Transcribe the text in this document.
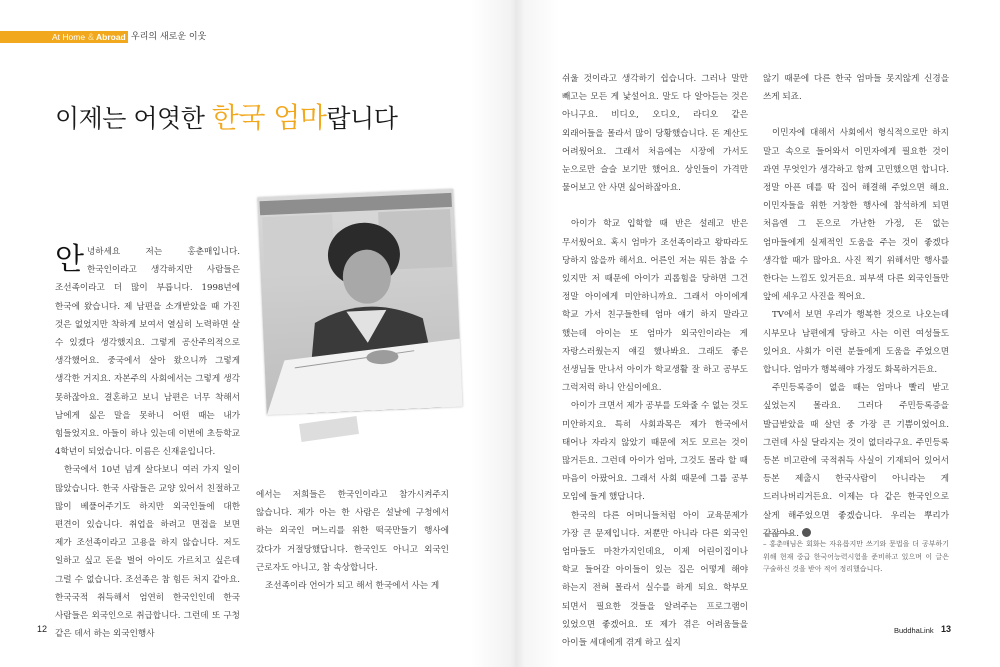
At Home & Abroad 우리의 새로운 이웃
이제는 어엿한 한국 엄마랍니다

안녕하세요 저는 홍춘매입니다. 한국인이라고 생각하지만 사람들은 조선족이라고 더 많이 부릅니다. 1998년에 한국에 왔습니다. 제 남편을 소개받았을 때 가진 것은 없었지만 착하게 보여서 열심히 노력하면 살 수 있겠다 생각했지요. 그렇게 공산주의적으로 생각했어요. 중국에서 살아 왔으니까 그렇게 생각한 거지요. 자본주의 사회에서는 그렇게 생각 못하잖아요. 결혼하고 보니 남편은 너무 착해서 남에게 싫은 말을 못하니 어떤 때는 내가 힘들었지요. 아들이 하나 있는데 이번에 초등학교 4학년이 되었습니다. 이름은 신재윤입니다.

한국에서 10년 넘게 살다보니 여러 가지 일이 많았습니다. 한국 사람들은 교양 있어서 친절하고 많이 베풀어주기도 하지만 외국인들에 대한 편견이 있습니다. 취업을 하려고 면접을 보면 제가 조선족이라고 고용을 하지 않습니다. 저도 일하고 싶고 돈을 벌어 아이도 가르치고 싶은데 그럴 수 없습니다. 조선족은 참 힘든 처지 같아요. 한국국적 취득해서 엄연히 한국인인데 한국 사람들은 외국인으로 취급합니다. 그런데 또 구청 같은 데서 하는 외국인행사

에서는 저희들은 한국인이라고 참가시켜주지 않습니다. 제가 아는 한 사람은 설날에 구청에서 하는 외국인 며느리를 위한 떡국만들기 행사에 갔다가 거절당했답니다. 한국인도 아니고 외국인 근로자도 아니고, 참 속상합니다.

조선족이라 언어가 되고 해서 한국에서 사는 게

쉬울 것이라고 생각하기 쉽습니다. 그러나 말만 빼고는 모든 게 낯설어요. 말도 다 알아듣는 것은 아니구요. 비디오, 오디오, 라디오 같은 외래어들을 몰라서 많이 당황했습니다. 돈 계산도 어려웠어요. 그래서 처음에는 시장에 가서도 눈으로만 슬슬 보기만 했어요. 상인들이 가격만 물어보고 안 사면 싫어하잖아요.

아이가 학교 입학할 때 반은 설레고 반은 무서웠어요. 혹시 엄마가 조선족이라고 왕따라도 당하지 않을까 해서요. 어른인 저는 뭐든 참을 수 있지만 저 때문에 아이가 괴롭힘을 당하면 그건 정말 아이에게 미안하니까요. 그래서 아이에게 학교 가서 친구들한테 엄마 얘기 하지 말라고 했는데 아이는 또 엄마가 외국인이라는 게 자랑스러웠는지 얘길 했나봐요. 그래도 좋은 선생님들 만나서 아이가 학교생활 잘 하고 공부도 그럭저럭 하니 안심이에요.

아이가 크면서 제가 공부를 도와줄 수 없는 것도 미안하지요. 특히 사회과목은 제가 한국에서 태어나 자라지 않았기 때문에 저도 모르는 것이 많거든요. 그런데 아이가 엄마, 그것도 몰라 할 때 마음이 아팠어요. 그래서 사회 때문에 그룹 공부 모임에 들게 했답니다.

한국의 다른 어머니들처럼 아이 교육문제가 가장 큰 문제입니다. 저뿐만 아니라 다른 외국인 엄마들도 마찬가지인데요, 이제 어린이집이나 학교 들어갈 아이들이 있는 집은 어떻게 해야 하는지 전혀 몰라서 실수를 하게 되요. 학부모 되면서 필요한 것들을 알려주는 프로그램이 있었으면 좋겠어요. 또 제가 겪은 어려움들을 아이들 세대에게 겪게 하고 싶지

않기 때문에 다른 한국 엄마들 못지않게 신경을 쓰게 되죠.

이민자에 대해서 사회에서 형식적으로만 하지 말고 속으로 들어와서 이민자에게 필요한 것이 과연 무엇인가 생각하고 함께 고민했으면 합니다. 정말 아픈 데를 딱 집어 해결해 주었으면 해요. 이민자들을 위한 거창한 행사에 참석하게 되면 처음엔 그 돈으로 가난한 가정, 돈 없는 엄마들에게 실제적인 도움을 주는 것이 좋겠다 생각할 때가 많아요. 사진 찍기 위해서만 행사를 한다는 느낌도 있거든요. 피부색 다른 외국인들만 앞에 세우고 사진을 찍어요.

TV에서 보면 우리가 행복한 것으로 나오는데 시부모나 남편에게 당하고 사는 이런 여성들도 있어요. 사회가 이런 분들에게 도움을 주었으면 합니다. 엄마가 행복해야 가정도 화목하거든요.

주민등록증이 없을 때는 엄마나 빨리 받고 싶었는지 몰라요. 그러다 주민등록증을 발급받았을 때 살던 중 가장 큰 기쁨이었어요. 그런데 사실 달라지는 것이 없더라구요. 주민등록 등본 비고란에 국적취득 사실이 기재되어 있어서 등본 제출시 한국사람이 아니라는 게 드러나버리거든요. 이제는 다 같은 한국인으로 살게 해주었으면 좋겠습니다. 우리는 뿌리가 같잖아요.

– 홍춘매님은 회화는 자유롭지만 쓰기와 문법을 더 공부하기 위해 현재 중급 한국어능력시험을 준비하고 있으며 이 글은 구술하신 것을 받아 적어 정리했습니다.
12	BuddhaLink 13
